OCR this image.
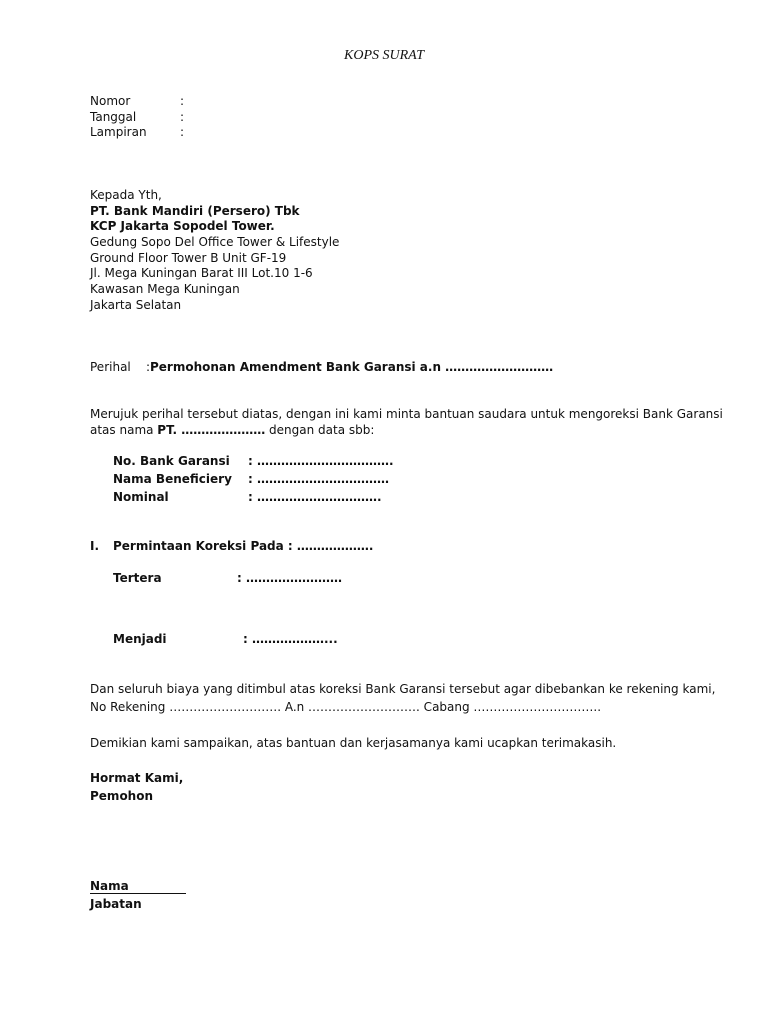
KOPS SURAT
Nomor	:
Tanggal	:
Lampiran	:
Kepada Yth,
PT. Bank Mandiri (Persero) Tbk
KCP Jakarta Sopodel Tower.
Gedung Sopo Del Office Tower & Lifestyle
Ground Floor Tower B Unit GF-19
Jl. Mega Kuningan Barat III Lot.10 1-6
Kawasan Mega Kuningan
Jakarta Selatan
Perihal : Permohonan Amendment Bank Garansi a.n ………………………
Merujuk perihal tersebut diatas, dengan ini kami minta bantuan saudara untuk mengoreksi Bank Garansi
atas nama PT. ………………… dengan data sbb:
No. Bank Garansi : …………………………….
Nama Beneficiery : ……………………………
Nominal	: ………………………….
I. Permintaan Koreksi Pada : ……………….
Tertera	: ……………………
Menjadi	: ………………...
Dan seluruh biaya yang ditimbul atas koreksi Bank Garansi tersebut agar dibebankan ke rekening kami,
No Rekening ………………………. A.n ………………………. Cabang …………………………..
Demikian kami sampaikan, atas bantuan dan kerjasamanya kami ucapkan terimakasih.
Hormat Kami,
Pemohon
Nama
Jabatan
